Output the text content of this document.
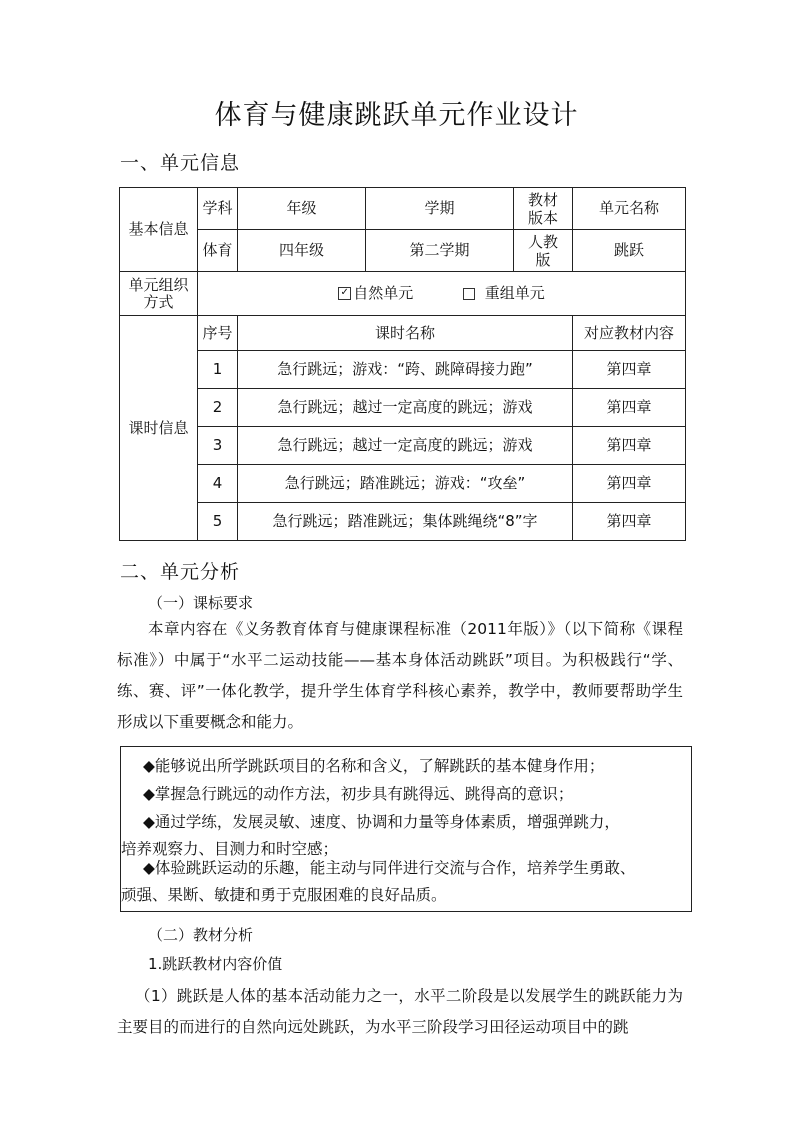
体育与健康跳跃单元作业设计
一、单元信息
基本信息	学科	年级	学期	教材版本	单元名称
	体育	四年级	第二学期	人教版	跳跃

单元组织方式	✓ 自然单元 重组单元				
课时信息	序号	课时名称			对应教材内容
	1	急行跳远；游戏：“跨、跳障碍接力跑”			第四章
	2	急行跳远；越过一定高度的跳远；游戏			第四章
	3	急行跳远；越过一定高度的跳远；游戏			第四章
	4	急行跳远；踏准跳远；游戏：“攻垒”			第四章
	5	急行跳远；踏准跳远；集体跳绳绕“8”字			第四章
二、单元分析
（一）课标要求
本章内容在《义务教育体育与健康课程标准（2011年版）》（以下简称《课程标准》）中属于“水平二运动技能——基本身体活动跳跃”项目。为积极践行“学、练、赛、评”一体化教学，提升学生体育学科核心素养，教学中，教师要帮助学生形成以下重要概念和能力。
◆能够说出所学跳跃项目的名称和含义，了解跳跃的基本健身作用；
◆掌握急行跳远的动作方法，初步具有跳得远、跳得高的意识；
◆通过学练，发展灵敏、速度、协调和力量等身体素质，增强弹跳力，
培养观察力、目测力和时空感；
◆体验跳跃运动的乐趣，能主动与同伴进行交流与合作，培养学生勇敢、
顽强、果断、敏捷和勇于克服困难的良好品质。
（二）教材分析
1.跳跃教材内容价值
（1）跳跃是人体的基本活动能力之一，水平二阶段是以发展学生的跳跃能力为主要目的而进行的自然向远处跳跃，为水平三阶段学习田径运动项目中的跳
